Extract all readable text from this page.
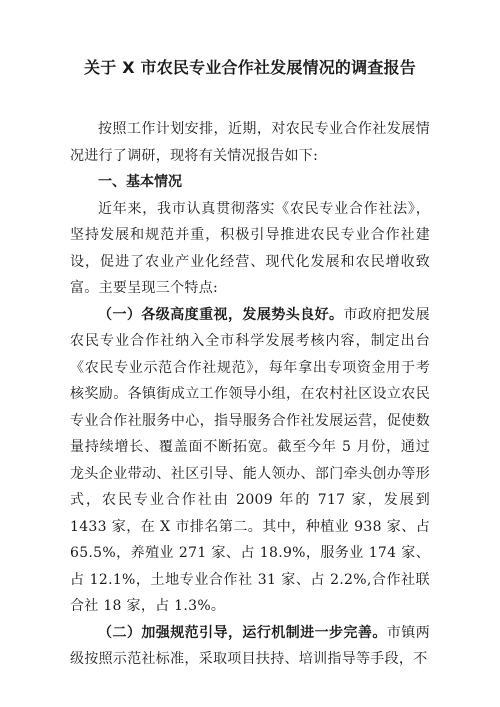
关于 X 市农民专业合作社发展情况的调查报告

按照工作计划安排，近期，对农民专业合作社发展情况进行了调研，现将有关情况报告如下:

一、基本情况

近年来，我市认真贯彻落实《农民专业合作社法》，坚持发展和规范并重，积极引导推进农民专业合作社建设，促进了农业产业化经营、现代化发展和农民增收致富。主要呈现三个特点:

（一）各级高度重视，发展势头良好。市政府把发展农民专业合作社纳入全市科学发展考核内容，制定出台《农民专业示范合作社规范》，每年拿出专项资金用于考核奖励。各镇街成立工作领导小组，在农村社区设立农民专业合作社服务中心，指导服务合作社发展运营，促使数量持续增长、覆盖面不断拓宽。截至今年 5 月份，通过龙头企业带动、社区引导、能人领办、部门牵头创办等形式，农民专业合作社由 2009 年的 717 家，发展到 1433 家，在 X 市排名第二。其中，种植业 938 家、占 65.5%，养殖业 271 家、占 18.9%，服务业 174 家、占 12.1%，土地专业合作社 31 家、占 2.2%,合作社联合社 18 家，占 1.3%。

（二）加强规范引导，运行机制进一步完善。市镇两级按照示范社标准，采取项目扶持、培训指导等手段，不
